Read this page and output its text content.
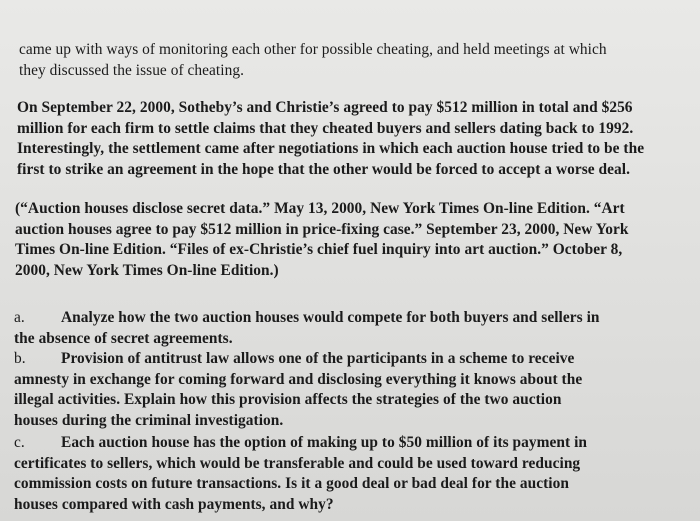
came up with ways of monitoring each other for possible cheating, and held meetings at which
they discussed the issue of cheating.

On September 22, 2000, Sotheby’s and Christie’s agreed to pay $512 million in total and $256
million for each firm to settle claims that they cheated buyers and sellers dating back to 1992.
Interestingly, the settlement came after negotiations in which each auction house tried to be the
first to strike an agreement in the hope that the other would be forced to accept a worse deal.

(“Auction houses disclose secret data.” May 13, 2000, New York Times On-line Edition. “Art
auction houses agree to pay $512 million in price-fixing case.” September 23, 2000, New York
Times On-line Edition. “Files of ex-Christie’s chief fuel inquiry into art auction.” October 8,
2000, New York Times On-line Edition.)

a. Analyze how the two auction houses would compete for both buyers and sellers in
the absence of secret agreements.
b. Provision of antitrust law allows one of the participants in a scheme to receive
amnesty in exchange for coming forward and disclosing everything it knows about the
illegal activities. Explain how this provision affects the strategies of the two auction
houses during the criminal investigation.
c. Each auction house has the option of making up to $50 million of its payment in
certificates to sellers, which would be transferable and could be used toward reducing
commission costs on future transactions. Is it a good deal or bad deal for the auction
houses compared with cash payments, and why?
